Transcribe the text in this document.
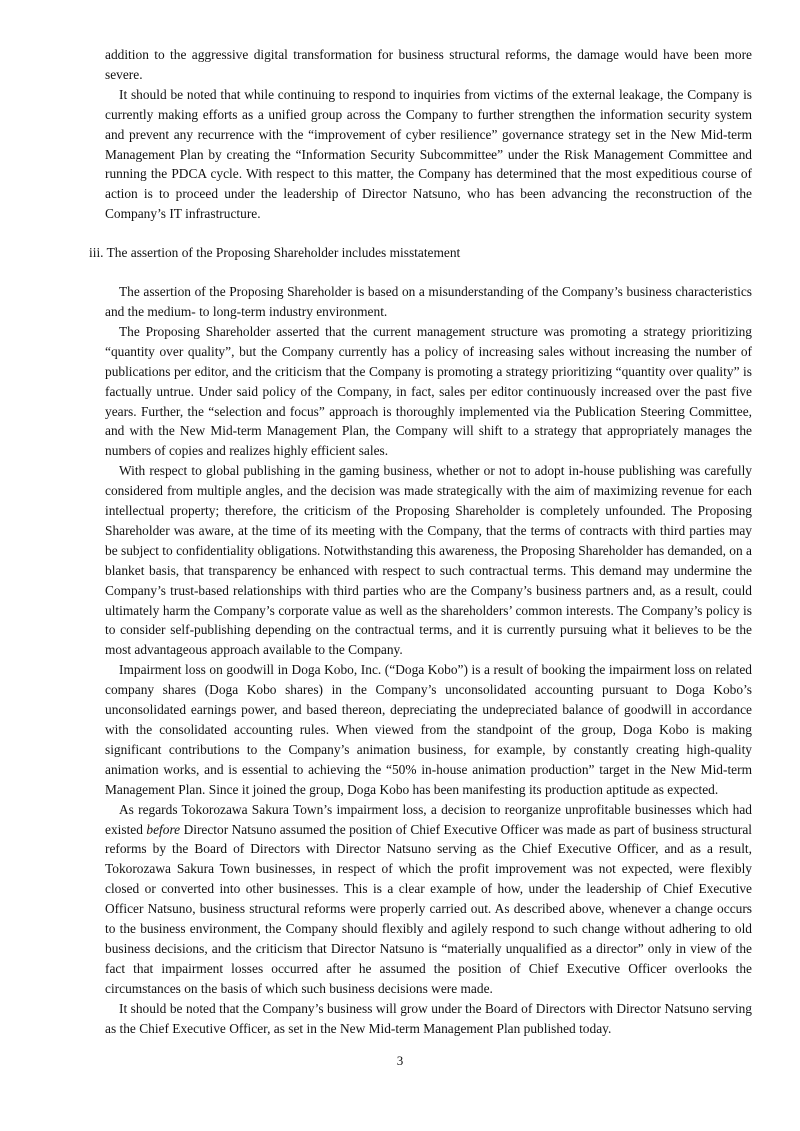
addition to the aggressive digital transformation for business structural reforms, the damage would have been more severe.

It should be noted that while continuing to respond to inquiries from victims of the external leakage, the Company is currently making efforts as a unified group across the Company to further strengthen the information security system and prevent any recurrence with the “improvement of cyber resilience” governance strategy set in the New Mid-term Management Plan by creating the “Information Security Subcommittee” under the Risk Management Committee and running the PDCA cycle. With respect to this matter, the Company has determined that the most expeditious course of action is to proceed under the leadership of Director Natsuno, who has been advancing the reconstruction of the Company’s IT infrastructure.

iii. The assertion of the Proposing Shareholder includes misstatement

The assertion of the Proposing Shareholder is based on a misunderstanding of the Company’s business characteristics and the medium- to long-term industry environment.

The Proposing Shareholder asserted that the current management structure was promoting a strategy prioritizing “quantity over quality”, but the Company currently has a policy of increasing sales without increasing the number of publications per editor, and the criticism that the Company is promoting a strategy prioritizing “quantity over quality” is factually untrue. Under said policy of the Company, in fact, sales per editor continuously increased over the past five years. Further, the “selection and focus” approach is thoroughly implemented via the Publication Steering Committee, and with the New Mid-term Management Plan, the Company will shift to a strategy that appropriately manages the numbers of copies and realizes highly efficient sales.

With respect to global publishing in the gaming business, whether or not to adopt in-house publishing was carefully considered from multiple angles, and the decision was made strategically with the aim of maximizing revenue for each intellectual property; therefore, the criticism of the Proposing Shareholder is completely unfounded. The Proposing Shareholder was aware, at the time of its meeting with the Company, that the terms of contracts with third parties may be subject to confidentiality obligations. Notwithstanding this awareness, the Proposing Shareholder has demanded, on a blanket basis, that transparency be enhanced with respect to such contractual terms. This demand may undermine the Company’s trust-based relationships with third parties who are the Company’s business partners and, as a result, could ultimately harm the Company’s corporate value as well as the shareholders’ common interests. The Company’s policy is to consider self-publishing depending on the contractual terms, and it is currently pursuing what it believes to be the most advantageous approach available to the Company.

Impairment loss on goodwill in Doga Kobo, Inc. (“Doga Kobo”) is a result of booking the impairment loss on related company shares (Doga Kobo shares) in the Company’s unconsolidated accounting pursuant to Doga Kobo’s unconsolidated earnings power, and based thereon, depreciating the undepreciated balance of goodwill in accordance with the consolidated accounting rules. When viewed from the standpoint of the group, Doga Kobo is making significant contributions to the Company’s animation business, for example, by constantly creating high-quality animation works, and is essential to achieving the “50% in-house animation production” target in the New Mid-term Management Plan. Since it joined the group, Doga Kobo has been manifesting its production aptitude as expected.

As regards Tokorozawa Sakura Town’s impairment loss, a decision to reorganize unprofitable businesses which had existed before Director Natsuno assumed the position of Chief Executive Officer was made as part of business structural reforms by the Board of Directors with Director Natsuno serving as the Chief Executive Officer, and as a result, Tokorozawa Sakura Town businesses, in respect of which the profit improvement was not expected, were flexibly closed or converted into other businesses. This is a clear example of how, under the leadership of Chief Executive Officer Natsuno, business structural reforms were properly carried out. As described above, whenever a change occurs to the business environment, the Company should flexibly and agilely respond to such change without adhering to old business decisions, and the criticism that Director Natsuno is “materially unqualified as a director” only in view of the fact that impairment losses occurred after he assumed the position of Chief Executive Officer overlooks the circumstances on the basis of which such business decisions were made.

It should be noted that the Company’s business will grow under the Board of Directors with Director Natsuno serving as the Chief Executive Officer, as set in the New Mid-term Management Plan published today.

3
